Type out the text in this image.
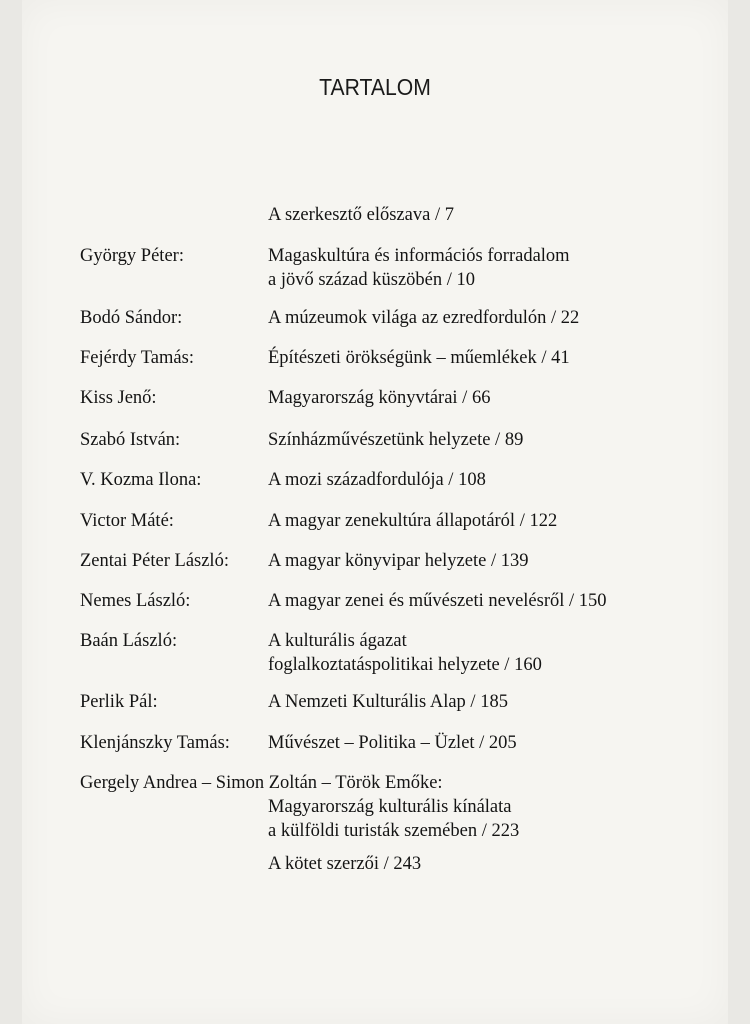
TARTALOM
A szerkesztő előszava / 7
György Péter:	Magaskultúra és információs forradalom
a jövő század küszöbén / 10
Bodó Sándor:	A múzeumok világa az ezredfordulón / 22
Fejérdy Tamás:	Építészeti örökségünk – műemlékek / 41
Kiss Jenő:	Magyarország könyvtárai / 66
Szabó István:	Színházművészetünk helyzete / 89
V. Kozma Ilona:	A mozi századfordulója / 108
Victor Máté:	A magyar zenekultúra állapotáról / 122
Zentai Péter László: A magyar könyvipar helyzete / 139
Nemes László:	A magyar zenei és művészeti nevelésről / 150
Baán László:	A kulturális ágazat
foglalkoztatáspolitikai helyzete / 160
Perlik Pál:	A Nemzeti Kulturális Alap / 185
Klenjánszky Tamás: Művészet – Politika – Üzlet / 205
Gergely Andrea – Simon Zoltán – Török Emőke:
Magyarország kulturális kínálata
a külföldi turisták szemében / 223
A kötet szerzői / 243
